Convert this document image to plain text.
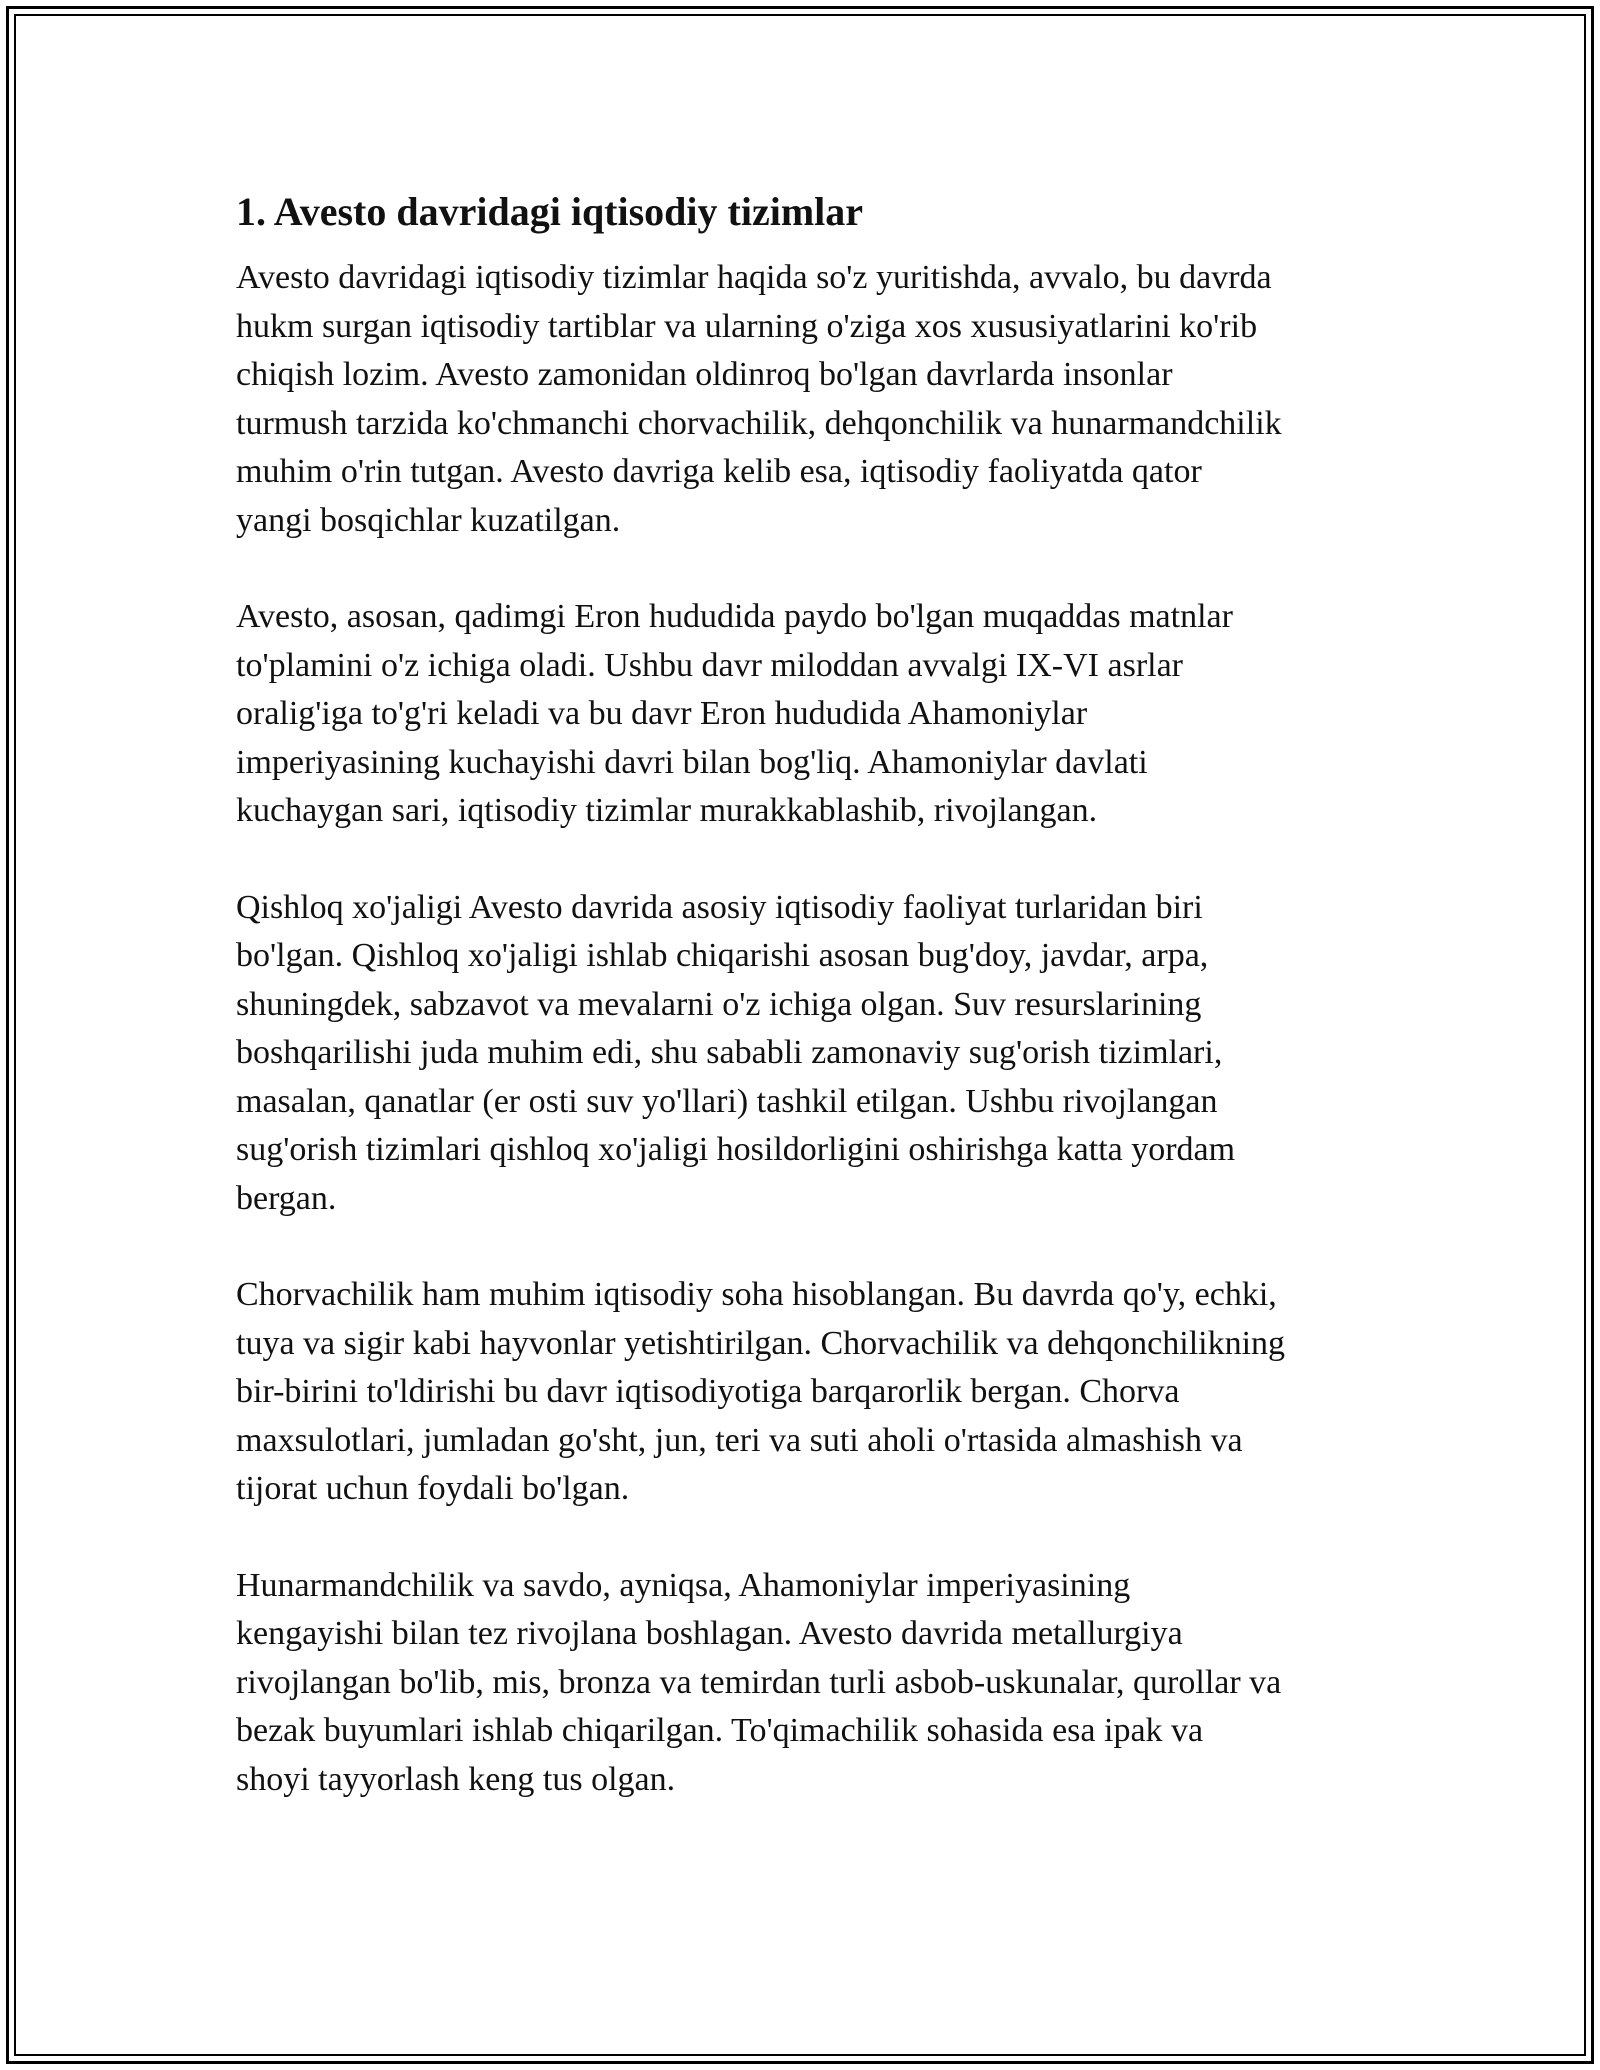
1. Avesto davridagi iqtisodiy tizimlar
Avesto davridagi iqtisodiy tizimlar haqida so'z yuritishda, avvalo, bu davrda
hukm surgan iqtisodiy tartiblar va ularning o'ziga xos xususiyatlarini ko'rib
chiqish lozim. Avesto zamonidan oldinroq bo'lgan davrlarda insonlar
turmush tarzida ko'chmanchi chorvachilik, dehqonchilik va hunarmandchilik
muhim o'rin tutgan. Avesto davriga kelib esa, iqtisodiy faoliyatda qator
yangi bosqichlar kuzatilgan.
Avesto, asosan, qadimgi Eron hududida paydo bo'lgan muqaddas matnlar
to'plamini o'z ichiga oladi. Ushbu davr miloddan avvalgi IX-VI asrlar
oralig'iga to'g'ri keladi va bu davr Eron hududida Ahamoniylar
imperiyasining kuchayishi davri bilan bog'liq. Ahamoniylar davlati
kuchaygan sari, iqtisodiy tizimlar murakkablashib, rivojlangan.
Qishloq xo'jaligi Avesto davrida asosiy iqtisodiy faoliyat turlaridan biri
bo'lgan. Qishloq xo'jaligi ishlab chiqarishi asosan bug'doy, javdar, arpa,
shuningdek, sabzavot va mevalarni o'z ichiga olgan. Suv resurslarining
boshqarilishi juda muhim edi, shu sababli zamonaviy sug'orish tizimlari,
masalan, qanatlar (er osti suv yo'llari) tashkil etilgan. Ushbu rivojlangan
sug'orish tizimlari qishloq xo'jaligi hosildorligini oshirishga katta yordam
bergan.
Chorvachilik ham muhim iqtisodiy soha hisoblangan. Bu davrda qo'y, echki,
tuya va sigir kabi hayvonlar yetishtirilgan. Chorvachilik va dehqonchilikning
bir-birini to'ldirishi bu davr iqtisodiyotiga barqarorlik bergan. Chorva
maxsulotlari, jumladan go'sht, jun, teri va suti aholi o'rtasida almashish va
tijorat uchun foydali bo'lgan.
Hunarmandchilik va savdo, ayniqsa, Ahamoniylar imperiyasining
kengayishi bilan tez rivojlana boshlagan. Avesto davrida metallurgiya
rivojlangan bo'lib, mis, bronza va temirdan turli asbob-uskunalar, qurollar va
bezak buyumlari ishlab chiqarilgan. To'qimachilik sohasida esa ipak va
shoyi tayyorlash keng tus olgan.
